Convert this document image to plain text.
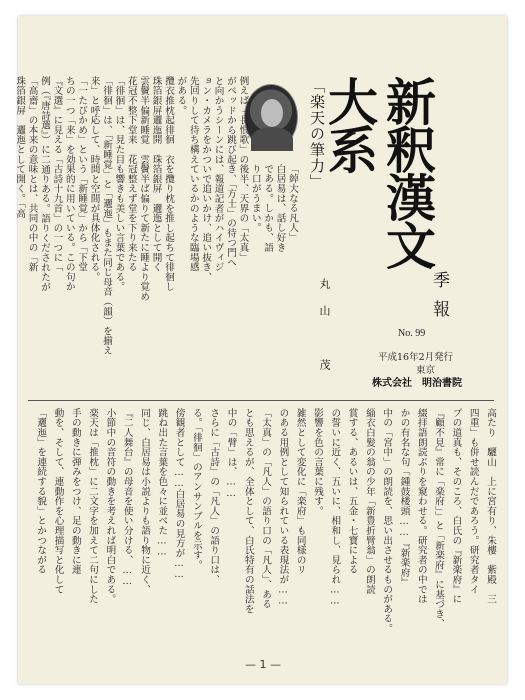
新釈漢文大系
季報
No. 99
平成16年2月発行
東京
株式会社　明治書院
「楽天の筆力」
丸山　茂
— 1 —
「綽大なる凡人」
白居易は、話し好き
である。しかも、語
り口がうまい。
例えば「長恨歌」の後半、天界の「太真」
がベッドから跳び起き、「方士」の待つ門へ
と向かうシーンには、報道記者がハイヴィジ
ョン・カメラをかついで追いかけ、追い抜き、
先回りして待ち構えているかのような臨場感
がある。
攬衣推枕起徘徊　衣を攬り枕を推し起ちて徘徊し
珠箔銀屏邐迤開　珠箔銀屏　邐迤として開く
雲鬢半偏新睡覚　雲鬢半ば偏りて新たに睡より覚め
花冠不整下堂来　花冠整えず堂を下り来たる
「徘徊」は、見た目も響きも美しい言葉である。
「徘徊」は、「新睡覚」と「邐迤」もまた同じ母音（韻）を揃え
来」と呼応して、時間と空間が具体化される。
「一たびかめ」という「新睡覚」から「下堂
ちの一つ「来」を効果的に用いている。この句か
『文選』に見える「古詩十九首」の一つに「
例（『唐詩選』）に二通りある。語りくだされたが
「高齋」の本来の意味とは、共同の中の「新
珠箔銀屏　邐迤として開く。「高
高たり　驪山　上に宮有り、朱樓　紫殿　三
四重」も併せ読んだであろう。研究者タイ
プの道真も、そのころ、白氏の『新楽府』に
『顧不見』常に「楽府」」と「新楽府』に基づき、
綴拝語朗読ぶりを窺わせる。研究者の中では
かの有名な句「鍾鼓楼頭……『新楽府』
中の「宮中」の朗読を、思い出させるものがある。
緇衣白髪の翁の少年「新豊折臂翁」の朗読
賞する、あるいは、五金・七寶による
の誓いに近く、五いに、相和し、見られ……
影響を色の言葉に残す。
雑然として変化に「楽府」も同様のリ
のある用例として知られている表現法が……
「太真」の「凡人」の語り口の「凡人」、ある
とも思えるが、全体として、白氏特有の話法を
中の「臂」は、……
さらに「古詩」の「凡人」の語り口は、
る。「徘徊」のアンサンブルを示す。
傍観者として……白居易の見方が……
跳ね出た言葉を色々に並べた……
同じ、白居易は小説よりも語り物に近く、
『二人舞台』の母音を使い分ける、……
小節中の音符の動きを考えれば明白である。
楽天は「推枕」に二文字を加えて二句にした
手の動きに弾みをつけ、足の動きに連
動を、そして、連動作を心理描写と化して
「邐迤」を連続する貌」とかつながる
